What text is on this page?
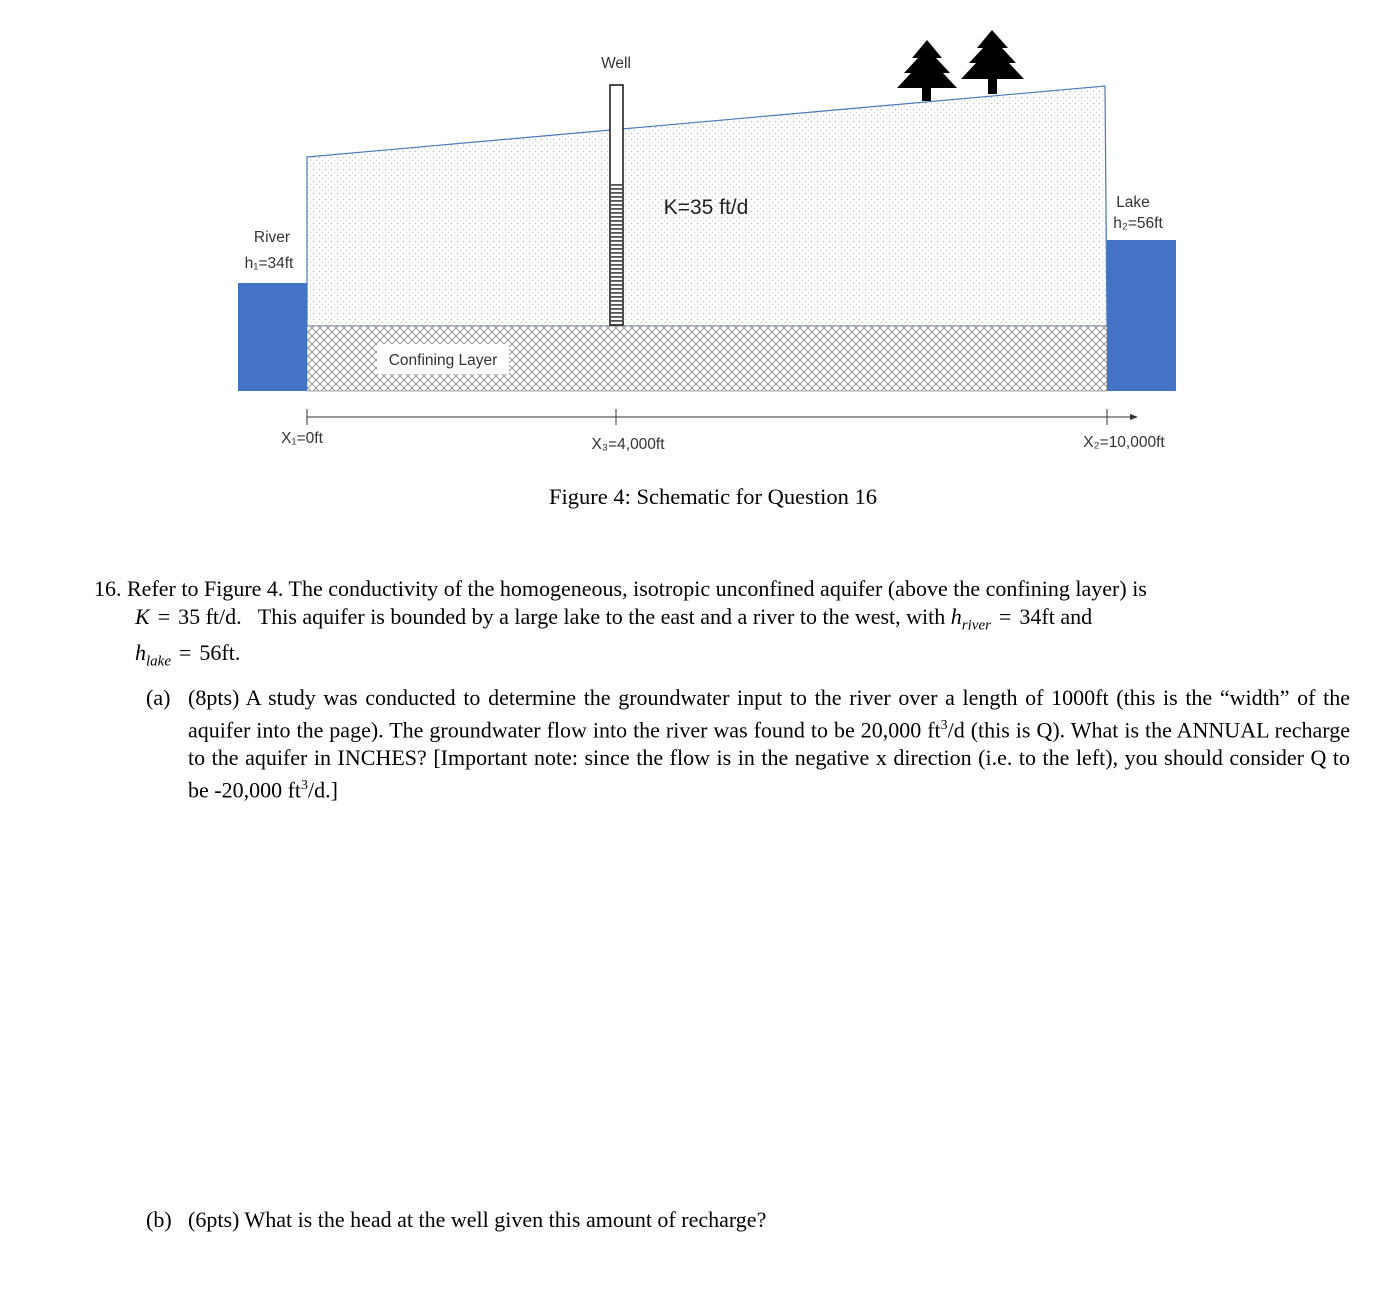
Confining Layer
River
h₁=34ft
Lake
h₂=56ft
Well
K=35 ft/d
X₁=0ft	X₃=4,000ft	X₂=10,000ft
Figure 4: Schematic for Question 16
16. Refer to Figure 4. The conductivity of the homogeneous, isotropic unconfined aquifer (above the confining layer) is
K = 35 ft/d. This aquifer is bounded by a large lake to the east and a river to the west, with $h_{river} = 34ft$ and
$h_{lake} = 56ft$.
(a) (8pts) A study was conducted to determine the groundwater input to the river over a length of 1000ft (this is the “width” of the aquifer into the page). The groundwater flow into the river was found to be 20,000 $ft^3/d$ (this is Q). What is the ANNUAL recharge to the aquifer in INCHES? [Important note: since the flow is in the negative x direction (i.e. to the left), you should consider Q to be -20,000 $ft^3/d$.]
(b) (6pts) What is the head at the well given this amount of recharge?
